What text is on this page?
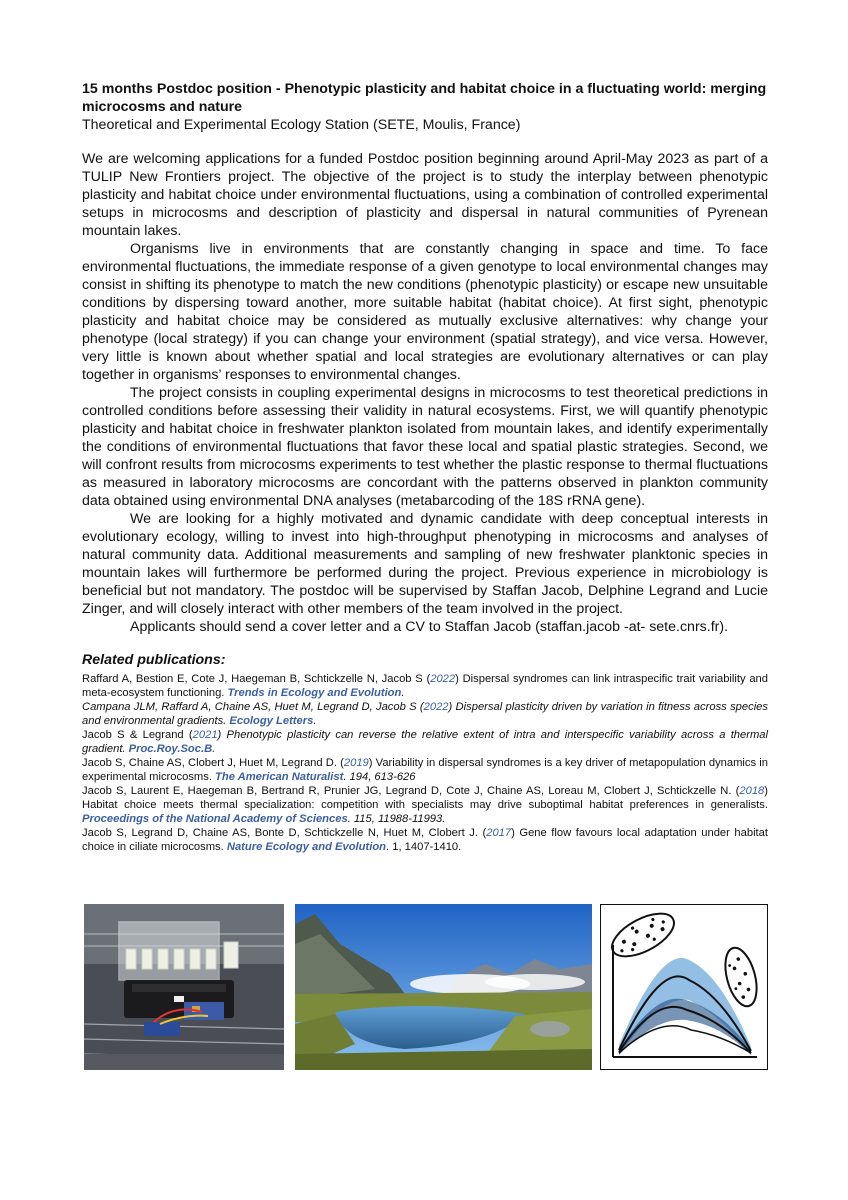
15 months Postdoc position - Phenotypic plasticity and habitat choice in a fluctuating world: merging microcosms and nature

Theoretical and Experimental Ecology Station (SETE, Moulis, France)

We are welcoming applications for a funded Postdoc position beginning around April-May 2023 as part of a TULIP New Frontiers project. The objective of the project is to study the interplay between phenotypic plasticity and habitat choice under environmental fluctuations, using a combination of controlled experimental setups in microcosms and description of plasticity and dispersal in natural communities of Pyrenean mountain lakes.

Organisms live in environments that are constantly changing in space and time. To face environmental fluctuations, the immediate response of a given genotype to local environmental changes may consist in shifting its phenotype to match the new conditions (phenotypic plasticity) or escape new unsuitable conditions by dispersing toward another, more suitable habitat (habitat choice). At first sight, phenotypic plasticity and habitat choice may be considered as mutually exclusive alternatives: why change your phenotype (local strategy) if you can change your environment (spatial strategy), and vice versa. However, very little is known about whether spatial and local strategies are evolutionary alternatives or can play together in organisms’ responses to environmental changes.

The project consists in coupling experimental designs in microcosms to test theoretical predictions in controlled conditions before assessing their validity in natural ecosystems. First, we will quantify phenotypic plasticity and habitat choice in freshwater plankton isolated from mountain lakes, and identify experimentally the conditions of environmental fluctuations that favor these local and spatial plastic strategies. Second, we will confront results from microcosms experiments to test whether the plastic response to thermal fluctuations as measured in laboratory microcosms are concordant with the patterns observed in plankton community data obtained using environmental DNA analyses (metabarcoding of the 18S rRNA gene).

We are looking for a highly motivated and dynamic candidate with deep conceptual interests in evolutionary ecology, willing to invest into high-throughput phenotyping in microcosms and analyses of natural community data. Additional measurements and sampling of new freshwater planktonic species in mountain lakes will furthermore be performed during the project. Previous experience in microbiology is beneficial but not mandatory. The postdoc will be supervised by Staffan Jacob, Delphine Legrand and Lucie Zinger, and will closely interact with other members of the team involved in the project.

Applicants should send a cover letter and a CV to Staffan Jacob (staffan.jacob -at- sete.cnrs.fr).

Related publications:

Raffard A, Bestion E, Cote J, Haegeman B, Schtickzelle N, Jacob S (2022) Dispersal syndromes can link intraspecific trait variability and meta-ecosystem functioning. Trends in Ecology and Evolution.

Campana JLM, Raffard A, Chaine AS, Huet M, Legrand D, Jacob S (2022) Dispersal plasticity driven by variation in fitness across species and environmental gradients. Ecology Letters.

Jacob S & Legrand (2021) Phenotypic plasticity can reverse the relative extent of intra and interspecific variability across a thermal gradient. Proc.Roy.Soc.B.

Jacob S, Chaine AS, Clobert J, Huet M, Legrand D. (2019) Variability in dispersal syndromes is a key driver of metapopulation dynamics in experimental microcosms. The American Naturalist. 194, 613-626

Jacob S, Laurent E, Haegeman B, Bertrand R, Prunier JG, Legrand D, Cote J, Chaine AS, Loreau M, Clobert J, Schtickzelle N. (2018) Habitat choice meets thermal specialization: competition with specialists may drive suboptimal habitat preferences in generalists. Proceedings of the National Academy of Sciences. 115, 11988-11993.

Jacob S, Legrand D, Chaine AS, Bonte D, Schtickzelle N, Huet M, Clobert J. (2017) Gene flow favours local adaptation under habitat choice in ciliate microcosms. Nature Ecology and Evolution. 1, 1407-1410.
